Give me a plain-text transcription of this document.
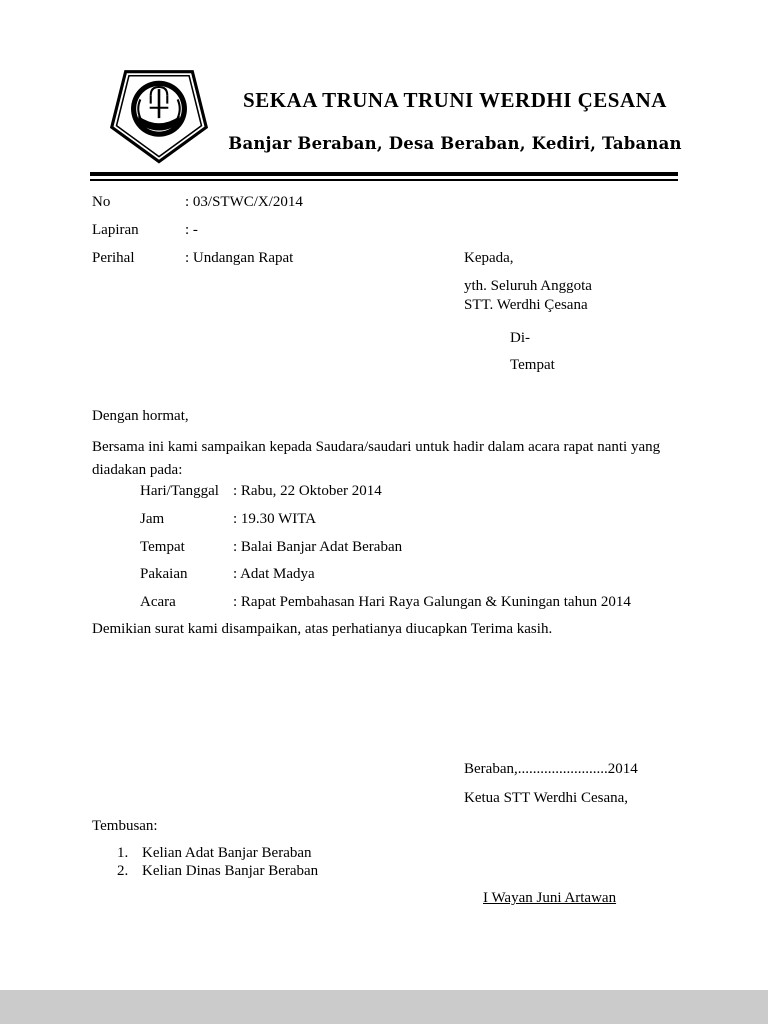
SEKAA TRUNA TRUNI WERDHI ÇESANA
Banjar Beraban, Desa Beraban, Kediri, Tabanan
No	: 03/STWC/X/2014
Lapiran	: -
Perihal	: Undangan Rapat	Kepada,
yth. Seluruh Anggota
STT. Werdhi Çesana
Di-
Tempat
Dengan hormat,
Bersama ini kami sampaikan kepada Saudara/saudari untuk hadir dalam acara rapat nanti yang diadakan pada:
Hari/Tanggal : Rabu, 22 Oktober 2014
Jam	: 19.30 WITA
Tempat	: Balai Banjar Adat Beraban
Pakaian	: Adat Madya
Acara	: Rapat Pembahasan Hari Raya Galungan & Kuningan tahun 2014
Demikian surat kami disampaikan, atas perhatianya diucapkan Terima kasih.
Beraban,........................2014
Ketua STT Werdhi Cesana,
I Wayan Juni Artawan
Tembusan:
1. Kelian Adat Banjar Beraban
2. Kelian Dinas Banjar Beraban
